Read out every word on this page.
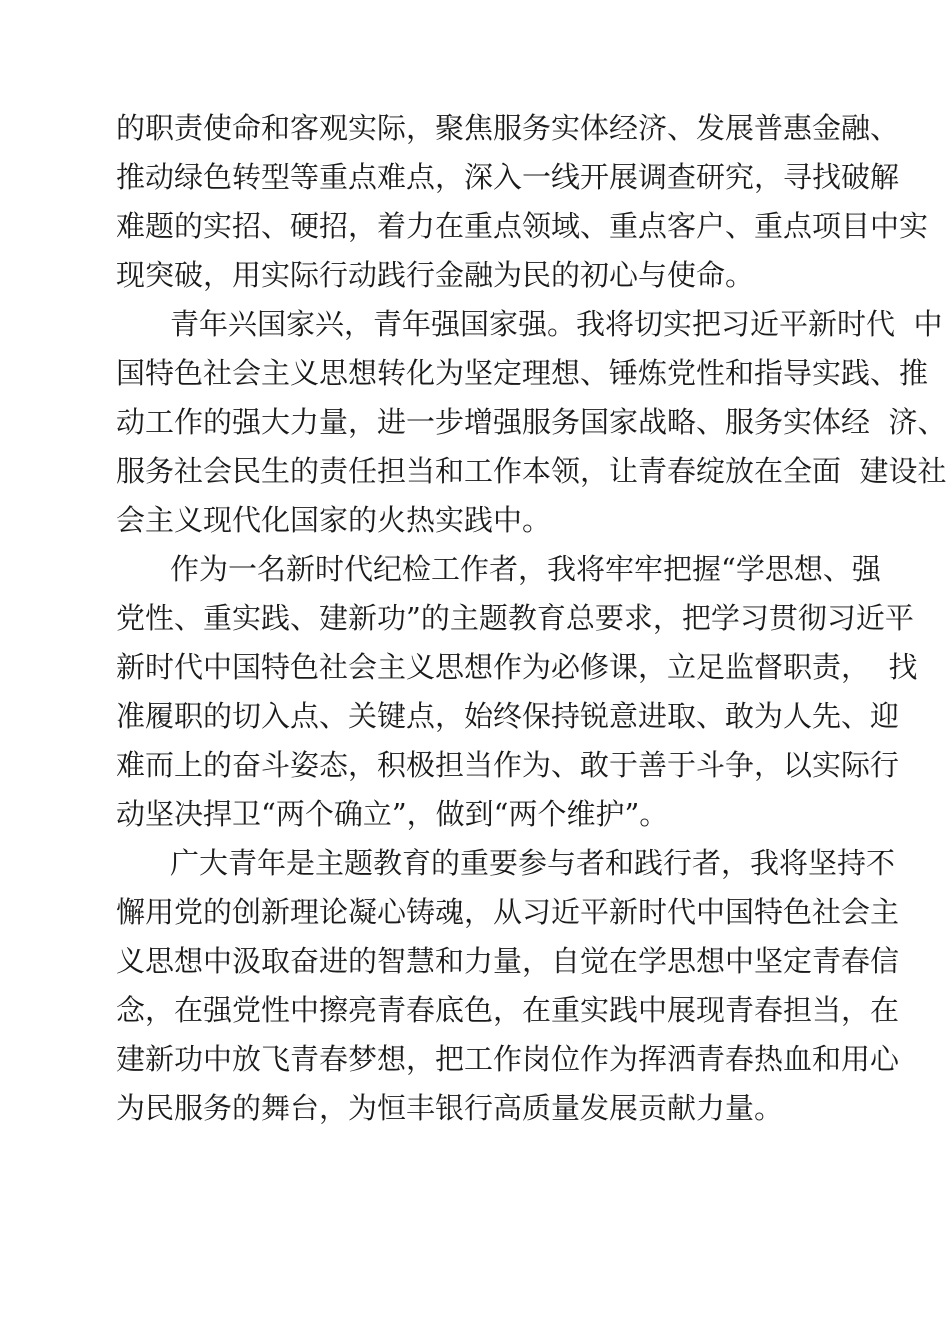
的职责使命和客观实际，聚焦服务实体经济、发展普惠金融、
推动绿色转型等重点难点，深入一线开展调查研究，寻找破解
难题的实招、硬招，着力在重点领域、重点客户、重点项目中实
现突破，用实际行动践行金融为民的初心与使命。
青年兴国家兴，青年强国家强。我将切实把习近平新时代  中
国特色社会主义思想转化为坚定理想、锤炼党性和指导实践、推
动工作的强大力量，进一步增强服务国家战略、服务实体经  济、
服务社会民生的责任担当和工作本领，让青春绽放在全面  建设社
会主义现代化国家的火热实践中。
作为一名新时代纪检工作者，我将牢牢把握“学思想、强
党性、重实践、建新功”的主题教育总要求，把学习贯彻习近平
新时代中国特色社会主义思想作为必修课，立足监督职责，  找
准履职的切入点、关键点，始终保持锐意进取、敢为人先、迎
难而上的奋斗姿态，积极担当作为、敢于善于斗争，以实际行
动坚决捍卫“两个确立”，做到“两个维护”。
广大青年是主题教育的重要参与者和践行者，我将坚持不
懈用党的创新理论凝心铸魂，从习近平新时代中国特色社会主
义思想中汲取奋进的智慧和力量，自觉在学思想中坚定青春信
念，在强党性中擦亮青春底色，在重实践中展现青春担当，在
建新功中放飞青春梦想，把工作岗位作为挥洒青春热血和用心
为民服务的舞台，为恒丰银行高质量发展贡献力量。
